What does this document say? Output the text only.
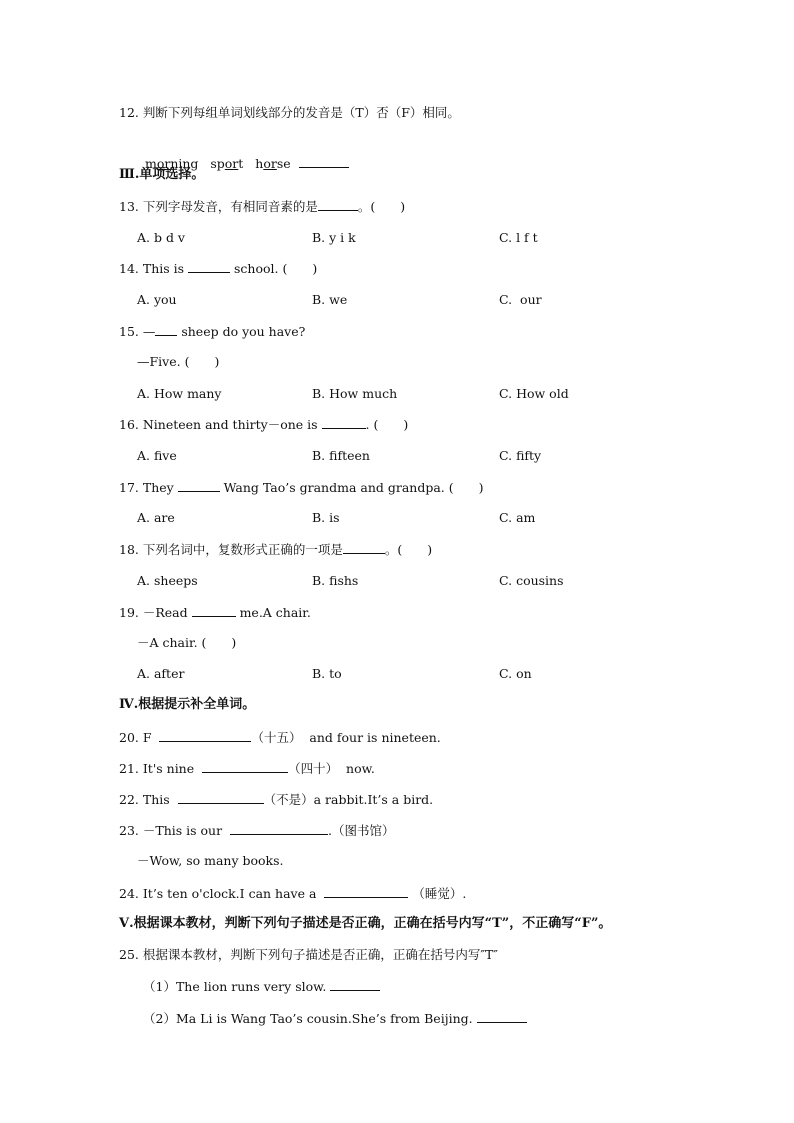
12. 判断下列每组单词划线部分的发音是（T）否（F）相同。

morning sport horse

Ⅲ.单项选择。
13. 下列字母发音，有相同音素的是	。(　　)
A. b d v	B. y i k	C. l f t
14. This is	school. (　　)
A. you	B. we	C.  our
15. — sheep do you have?
—Five. (　　)
A. How many	B. How much	C. How old
16. Nineteen and thirty－one is	. (　　)
A. five	B. fifteen	C. fifty
17. They	Wang Tao’s grandma and grandpa. (　　)
A. are	B. is	C. am
18. 下列名词中，复数形式正确的一项是	。(　　)
A. sheeps	B. fishs	C. cousins
19. －Read	me.A chair.
－A chair. (　　)
A. after	B. to	C. on
Ⅳ.根据提示补全单词。
20. F	（十五）  and four is nineteen.
21. It's nine	（四十）  now.
22. This	（不是）a rabbit.It’s a bird.
23. －This is our	.（图书馆）
－Wow, so many books.
24. It’s ten o'clock.I can have a	（睡觉）.
Ⅴ.根据课本教材，判断下列句子描述是否正确，正确在括号内写“T”，不正确写“F”。
25. 根据课本教材，判断下列句子描述是否正确，正确在括号内写″T″
（1）The lion runs very slow.
（2）Ma Li is Wang Tao’s cousin.She’s from Beijing.
